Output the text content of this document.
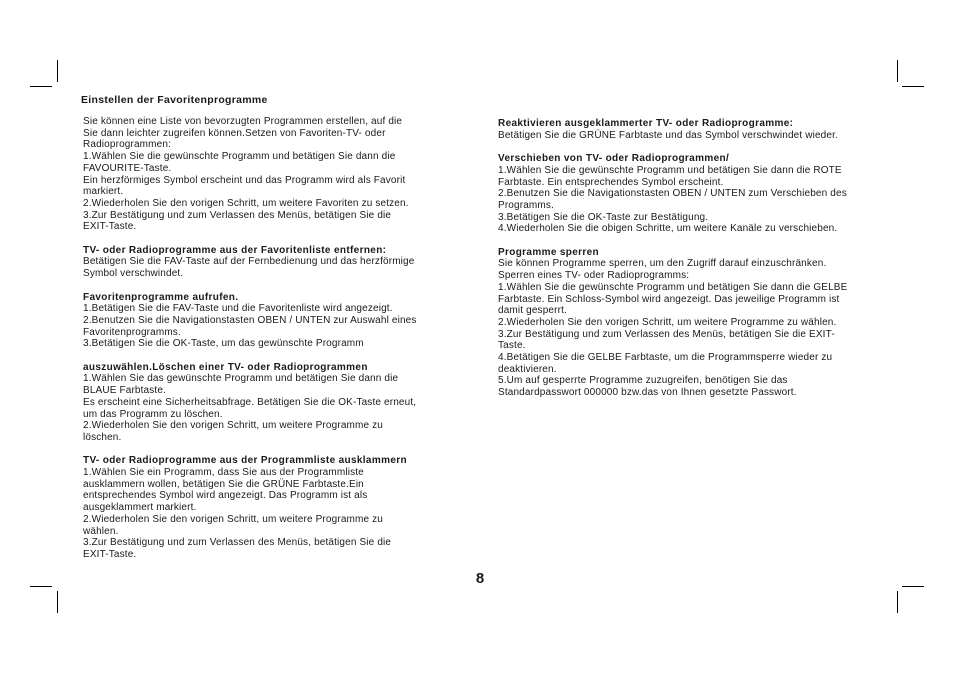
Einstellen der Favoritenprogramme
Sie können eine Liste von bevorzugten Programmen erstellen, auf die
Sie dann leichter zugreifen können.Setzen von Favoriten-TV- oder
Radioprogrammen:
1.Wählen Sie die gewünschte Programm und betätigen Sie dann die
FAVOURITE-Taste.
Ein herzförmiges Symbol erscheint und das Programm wird als Favorit
markiert.
2.Wiederholen Sie den vorigen Schritt, um weitere Favoriten zu setzen.
3.Zur Bestätigung und zum Verlassen des Menüs, betätigen Sie die
EXIT-Taste.
TV- oder Radioprogramme aus der Favoritenliste entfernen:
Betätigen Sie die FAV-Taste auf der Fernbedienung und das herzförmige
Symbol verschwindet.
Favoritenprogramme aufrufen.
1.Betätigen Sie die FAV-Taste und die Favoritenliste wird angezeigt.
2.Benutzen Sie die Navigationstasten OBEN / UNTEN zur Auswahl eines
Favoritenprogramms.
3.Betätigen Sie die OK-Taste, um das gewünschte Programm
auszuwählen.Löschen einer TV- oder Radioprogrammen
1.Wählen Sie das gewünschte Programm und betätigen Sie dann die
BLAUE Farbtaste.
Es erscheint eine Sicherheitsabfrage. Betätigen Sie die OK-Taste erneut,
um das Programm zu löschen.
2.Wiederholen Sie den vorigen Schritt, um weitere Programme zu
löschen.
TV- oder Radioprogramme aus der Programmliste ausklammern
1.Wählen Sie ein Programm, dass Sie aus der Programmliste
ausklammern wollen, betätigen Sie die GRÜNE Farbtaste.Ein
entsprechendes Symbol wird angezeigt. Das Programm ist als
ausgeklammert markiert.
2.Wiederholen Sie den vorigen Schritt, um weitere Programme zu
wählen.
3.Zur Bestätigung und zum Verlassen des Menüs, betätigen Sie die
EXIT-Taste.
Reaktivieren ausgeklammerter TV- oder Radioprogramme:
Betätigen Sie die GRÜNE Farbtaste und das Symbol verschwindet wieder.
Verschieben von TV- oder Radioprogrammen/
1.Wählen Sie die gewünschte Programm und betätigen Sie dann die ROTE
Farbtaste. Ein entsprechendes Symbol erscheint.
2.Benutzen Sie die Navigationstasten OBEN / UNTEN zum Verschieben des
Programms.
3.Betätigen Sie die OK-Taste zur Bestätigung.
4.Wiederholen Sie die obigen Schritte, um weitere Kanäle zu verschieben.
Programme sperren
Sie können Programme sperren, um den Zugriff darauf einzuschränken.
Sperren eines TV- oder Radioprogramms:
1.Wählen Sie die gewünschte Programm und betätigen Sie dann die GELBE
Farbtaste. Ein Schloss-Symbol wird angezeigt. Das jeweilige Programm ist
damit gesperrt.
2.Wiederholen Sie den vorigen Schritt, um weitere Programme zu wählen.
3.Zur Bestätigung und zum Verlassen des Menüs, betätigen Sie die EXIT-
Taste.
4.Betätigen Sie die GELBE Farbtaste, um die Programmsperre wieder zu
deaktivieren.
5.Um auf gesperrte Programme zuzugreifen, benötigen Sie das
Standardpasswort 000000 bzw.das von Ihnen gesetzte Passwort.
8
